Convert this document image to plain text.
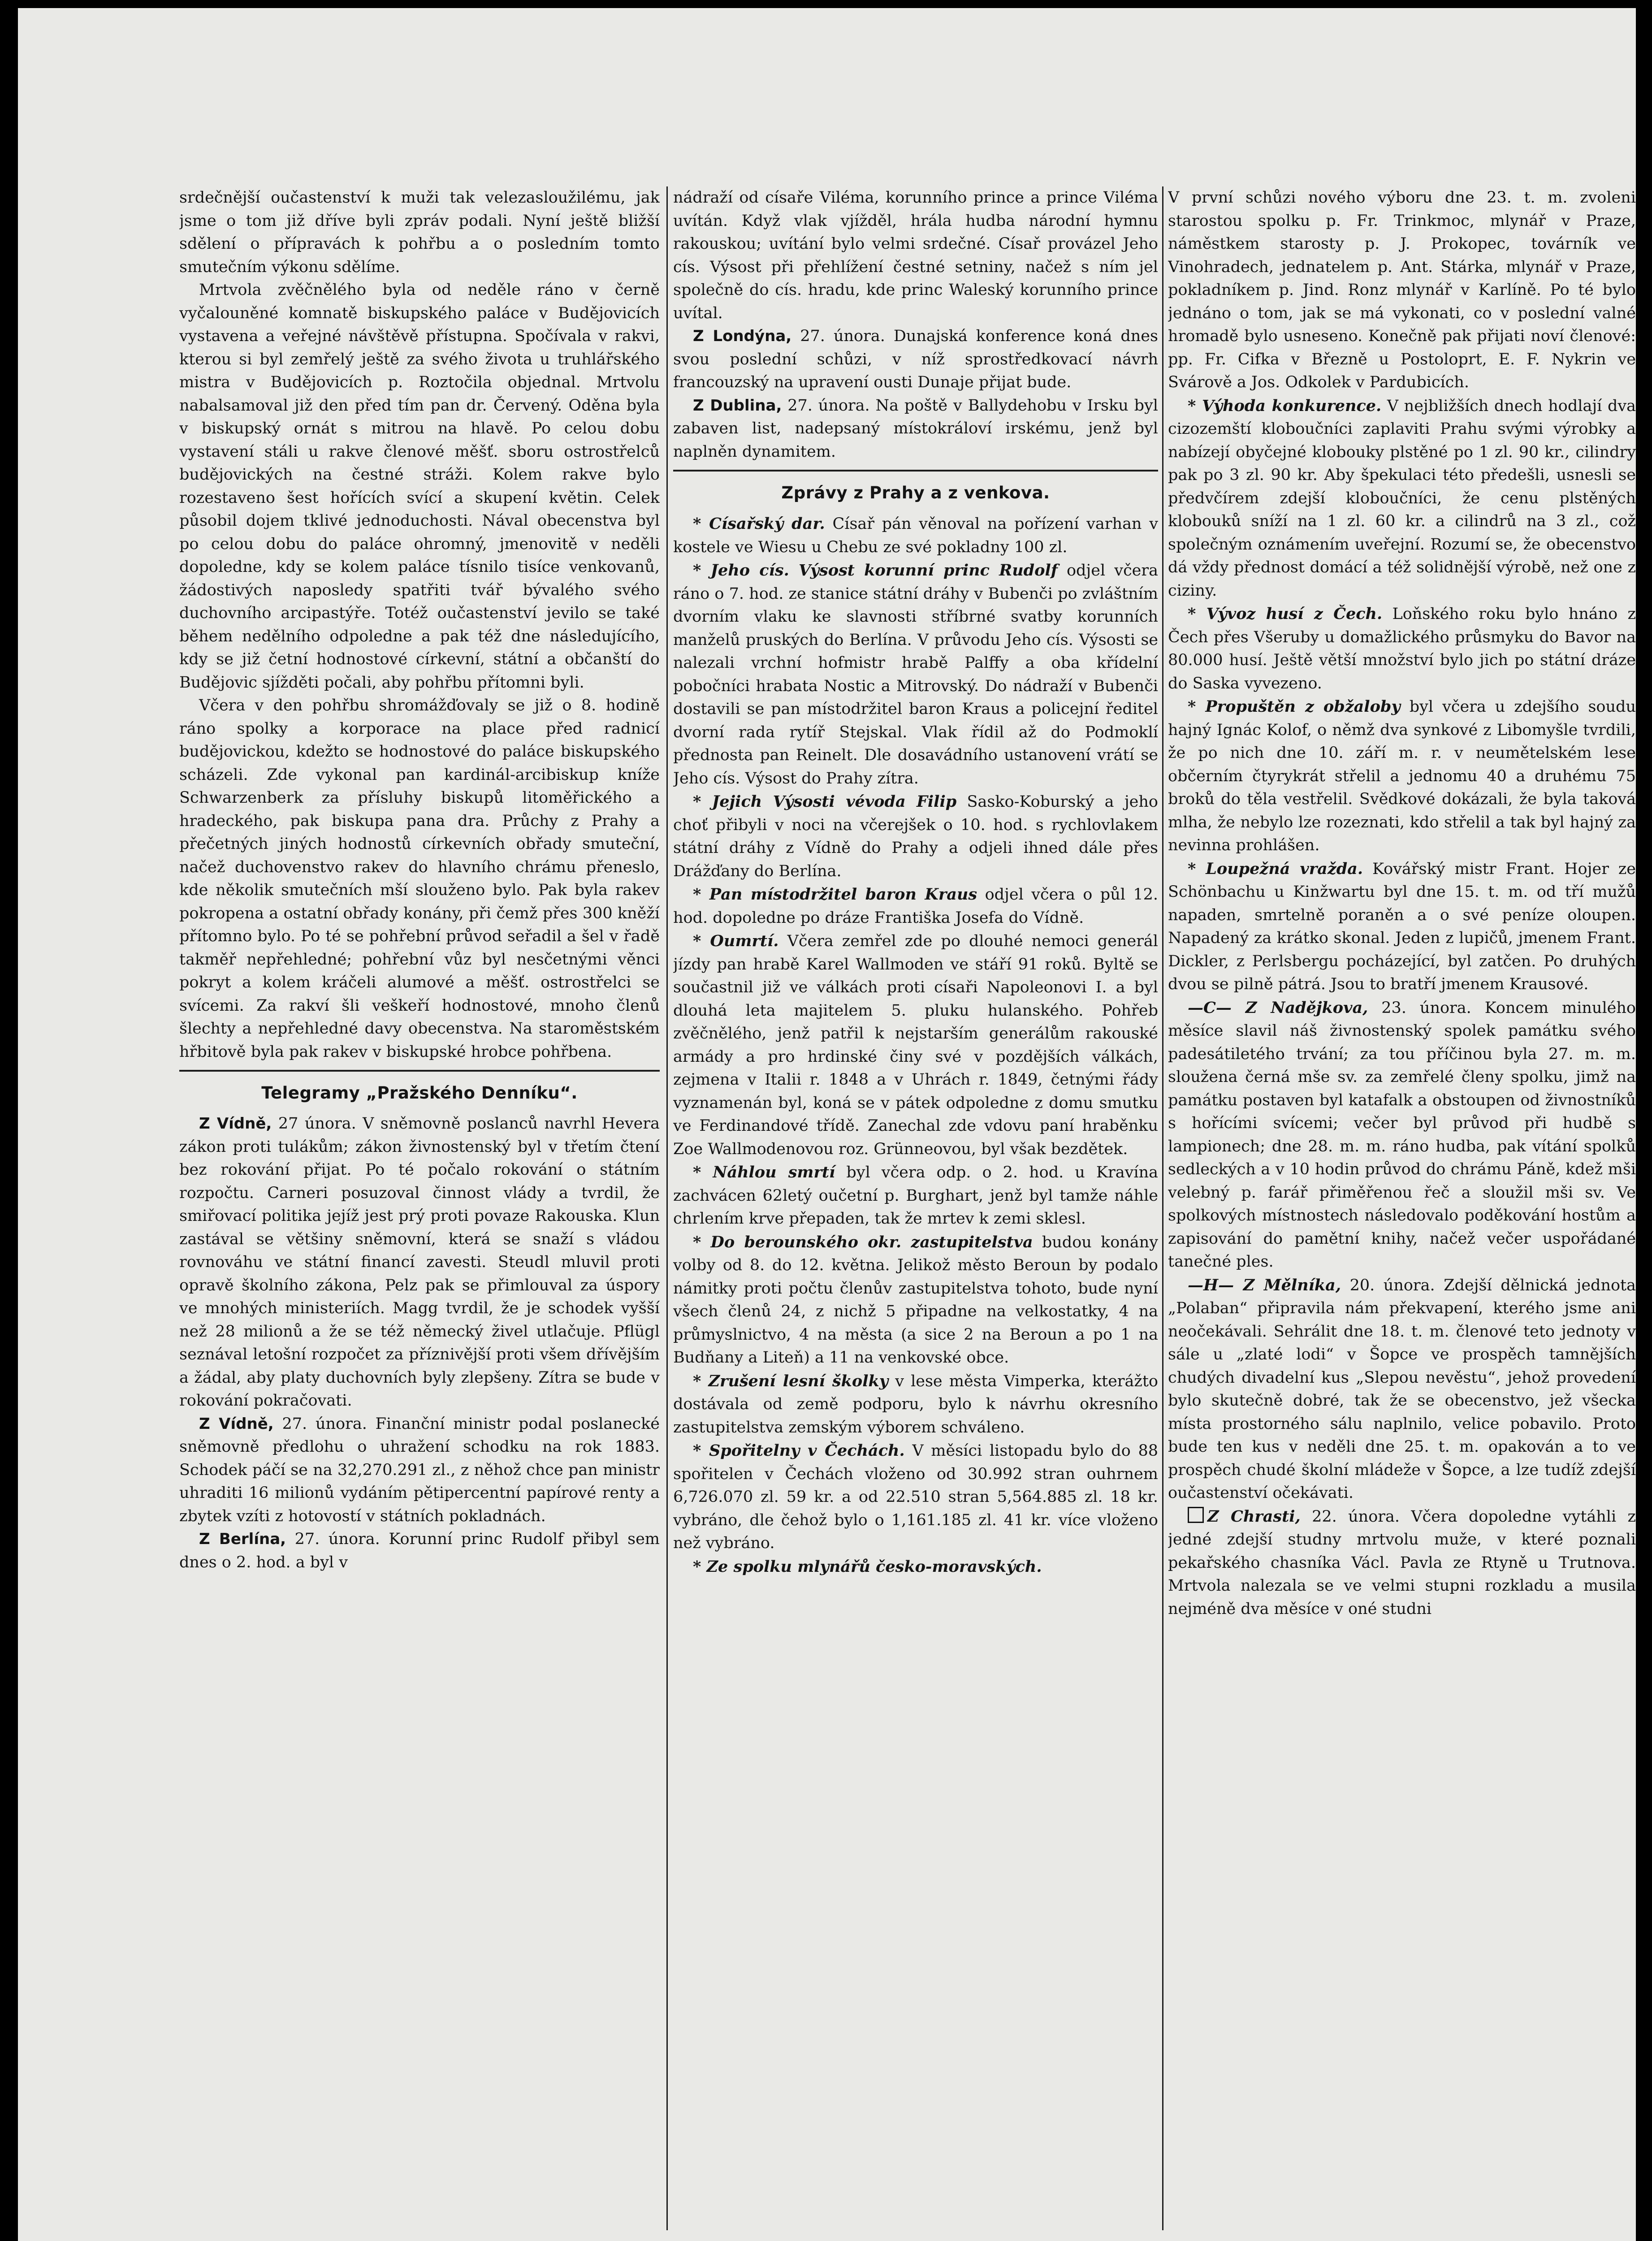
srdečnější oučastenství k muži tak velezasloužilému, jak jsme o tom již dříve byli zpráv podali. Nyní ještě bližší sdělení o přípravách k pohřbu a o posledním tomto smutečním výkonu sdělíme.

Mrtvola zvěčnělého byla od neděle ráno v černě vyčalouněné komnatě biskupského paláce v Budějovicích vystavena a veřejné návštěvě přístupna. Spočívala v rakvi, kterou si byl zemřelý ještě za svého života u truhlářského mistra v Budějovicích p. Roztočila objednal. Mrtvolu nabalsamoval již den před tím pan dr. Červený. Oděna byla v biskupský ornát s mitrou na hlavě. Po celou dobu vystavení stáli u rakve členové měšť. sboru ostrostřelců budějovických na čestné stráži. Kolem rakve bylo rozestaveno šest hořících svící a skupení květin. Celek působil dojem tklivé jednoduchosti. Nával obecenstva byl po celou dobu do paláce ohromný, jmenovitě v neděli dopoledne, kdy se kolem paláce tísnilo tisíce venkovanů, žádostivých naposledy spatřiti tvář bývalého svého duchovního arcipastýře. Totéž oučastenství jevilo se také během nedělního odpoledne a pak též dne následujícího, kdy se již četní hodnostové církevní, státní a občanští do Budějovic sjížděti počali, aby pohřbu přítomni byli.

Včera v den pohřbu shromážďovaly se již o 8. hodině ráno spolky a korporace na place před radnicí budějovickou, kdežto se hodnostové do paláce biskupského scházeli. Zde vykonal pan kardinál-arcibiskup kníže Schwarzenberk za přísluhy biskupů litoměřického a hradeckého, pak biskupa pana dra. Průchy z Prahy a přečetných jiných hodnostů církevních obřady smuteční, načež duchovenstvo rakev do hlavního chrámu přeneslo, kde několik smutečních mší slouženo bylo. Pak byla rakev pokropena a ostatní obřady konány, při čemž přes 300 kněží přítomno bylo. Po té se pohřební průvod seřadil a šel v řadě takměř nepřehledné; pohřební vůz byl nesčetnými věnci pokryt a kolem kráčeli alumové a měšť. ostrostřelci se svícemi. Za rakví šli veškeří hodnostové, mnoho členů šlechty a nepřehledné davy obecenstva. Na staroměstském hřbitově byla pak rakev v biskupské hrobce pohřbena.

Telegramy „Pražského Denníku“.

Z Vídně, 27 února. V sněmovně poslanců navrhl Hevera zákon proti tulákům; zákon živnostenský byl v třetím čtení bez rokování přijat. Po té počalo rokování o státním rozpočtu. Carneri posuzoval činnost vlády a tvrdil, že smiřovací politika jejíž jest prý proti povaze Rakouska. Klun zastával se většiny sněmovní, která se snaží s vládou rovnováhu ve státní financí zavesti. Steudl mluvil proti opravě školního zákona, Pelz pak se přimlouval za úspory ve mnohých ministeriích. Magg tvrdil, že je schodek vyšší než 28 milionů a že se též německý živel utlačuje. Pflügl seznával letošní rozpočet za příznivější proti všem dřívějším a žádal, aby platy duchovních byly zlepšeny. Zítra se bude v rokování pokračovati.

Z Vídně, 27. února. Finanční ministr podal poslanecké sněmovně předlohu o uhražení schodku na rok 1883. Schodek páčí se na 32,270.291 zl., z něhož chce pan ministr uhraditi 16 milionů vydáním pětipercentní papírové renty a zbytek vzíti z hotovostí v státních pokladnách.

Z Berlína, 27. února. Korunní princ Rudolf přibyl sem dnes o 2. hod. a byl v

nádraží od císaře Viléma, korunního prince a prince Viléma uvítán. Když vlak vjížděl, hrála hudba národní hymnu rakouskou; uvítání bylo velmi srdečné. Císař provázel Jeho cís. Výsost při přehlížení čestné setniny, načež s ním jel společně do cís. hradu, kde princ Waleský korunního prince uvítal.

Z Londýna, 27. února. Dunajská konference koná dnes svou poslední schůzi, v níž sprostředkovací návrh francouzský na upravení ousti Dunaje přijat bude.

Z Dublina, 27. února. Na poště v Ballydehobu v Irsku byl zabaven list, nadepsaný místokráloví irskému, jenž byl naplněn dynamitem.

Zprávy z Prahy a z venkova.

* Císařský dar. Císař pán věnoval na pořízení varhan v kostele ve Wiesu u Chebu ze své pokladny 100 zl.

* Jeho cís. Výsost korunní princ Rudolf odjel včera ráno o 7. hod. ze stanice státní dráhy v Bubenči po zvláštním dvorním vlaku ke slavnosti stříbrné svatby korunních manželů pruských do Berlína. V průvodu Jeho cís. Výsosti se nalezali vrchní hofmistr hrabě Palffy a oba křídelní pobočníci hrabata Nostic a Mitrovský. Do nádraží v Bubenči dostavili se pan místodržitel baron Kraus a policejní ředitel dvorní rada rytíř Stejskal. Vlak řídil až do Podmoklí přednosta pan Reinelt. Dle dosavádního ustanovení vrátí se Jeho cís. Výsost do Prahy zítra.

* Jejich Výsosti vévoda Filip Sasko-Koburský a jeho choť přibyli v noci na včerejšek o 10. hod. s rychlovlakem státní dráhy z Vídně do Prahy a odjeli ihned dále přes Drážďany do Berlína.

* Pan místodržitel baron Kraus odjel včera o půl 12. hod. dopoledne po dráze Františka Josefa do Vídně.

* Oumrtí. Včera zemřel zde po dlouhé nemoci generál jízdy pan hrabě Karel Wallmoden ve stáří 91 roků. Byltě se součastnil již ve válkách proti císaři Napoleonovi I. a byl dlouhá leta majitelem 5. pluku hulanského. Pohřeb zvěčnělého, jenž patřil k nejstarším generálům rakouské armády a pro hrdinské činy své v pozdějších válkách, zejmena v Italii r. 1848 a v Uhrách r. 1849, četnými řády vyznamenán byl, koná se v pátek odpoledne z domu smutku ve Ferdinandové třídě. Zanechal zde vdovu paní hraběnku Zoe Wallmodenovou roz. Grünneovou, byl však bezdětek.

* Náhlou smrtí byl včera odp. o 2. hod. u Kravína zachvácen 62letý oučetní p. Burghart, jenž byl tamže náhle chrlením krve přepaden, tak že mrtev k zemi sklesl.

* Do berounského okr. zastupitelstva budou konány volby od 8. do 12. května. Jelikož město Beroun by podalo námitky proti počtu členův zastupitelstva tohoto, bude nyní všech členů 24, z nichž 5 připadne na velkostatky, 4 na průmyslnictvo, 4 na města (a sice 2 na Beroun a po 1 na Budňany a Liteň) a 11 na venkovské obce.

* Zrušení lesní školky v lese města Vimperka, kterážto dostávala od země podporu, bylo k návrhu okresního zastupitelstva zemským výborem schváleno.

* Spořitelny v Čechách. V měsíci listopadu bylo do 88 spořitelen v Čechách vloženo od 30.992 stran ouhrnem 6,726.070 zl. 59 kr. a od 22.510 stran 5,564.885 zl. 18 kr. vybráno, dle čehož bylo o 1,161.185 zl. 41 kr. více vloženo než vybráno.

* Ze spolku mlynářů česko-moravských.

V první schůzi nového výboru dne 23. t. m. zvoleni starostou spolku p. Fr. Trinkmoc, mlynář v Praze, náměstkem starosty p. J. Prokopec, továrník ve Vinohradech, jednatelem p. Ant. Stárka, mlynář v Praze, pokladníkem p. Jind. Ronz mlynář v Karlíně. Po té bylo jednáno o tom, jak se má vykonati, co v poslední valné hromadě bylo usneseno. Konečně pak přijati noví členové: pp. Fr. Cifka v Březně u Postoloprt, E. F. Nykrin ve Svárově a Jos. Odkolek v Pardubicích.

* Výhoda konkurence. V nejbližších dnech hodlají dva cizozemští kloboučníci zaplaviti Prahu svými výrobky a nabízejí obyčejné klobouky plstěné po 1 zl. 90 kr., cilindry pak po 3 zl. 90 kr. Aby špekulaci této předešli, usnesli se předvčírem zdejší kloboučníci, že cenu plstěných klobouků sníží na 1 zl. 60 kr. a cilindrů na 3 zl., což společným oznámením uveřejní. Rozumí se, že obecenstvo dá vždy přednost domácí a též solidnější výrobě, než one z ciziny.

* Vývoz husí z Čech. Loňského roku bylo hnáno z Čech přes Všeruby u domažlického průsmyku do Bavor na 80.000 husí. Ještě větší množství bylo jich po státní dráze do Saska vyvezeno.

* Propuštěn z obžaloby byl včera u zdejšího soudu hajný Ignác Kolof, o němž dva synkové z Libomyšle tvrdili, že po nich dne 10. září m. r. v neumětelském lese občerním čtyrykrát střelil a jednomu 40 a druhému 75 broků do těla vestřelil. Svědkové dokázali, že byla taková mlha, že nebylo lze rozeznati, kdo střelil a tak byl hajný za nevinna prohlášen.

* Loupežná vražda. Kovářský mistr Frant. Hojer ze Schönbachu u Kinžwartu byl dne 15. t. m. od tří mužů napaden, smrtelně poraněn a o své peníze oloupen. Napadený za krátko skonal. Jeden z lupičů, jmenem Frant. Dickler, z Perlsbergu pocházející, byl zatčen. Po druhých dvou se pilně pátrá. Jsou to bratří jmenem Krausové.

—C— Z Nadějkova, 23. února. Koncem minulého měsíce slavil náš živnostenský spolek památku svého padesátiletého trvání; za tou příčinou byla 27. m. m. sloužena černá mše sv. za zemřelé členy spolku, jimž na památku postaven byl katafalk a obstoupen od živnostníků s hořícími svícemi; večer byl průvod při hudbě s lampionech; dne 28. m. m. ráno hudba, pak vítání spolků sedleckých a v 10 hodin průvod do chrámu Páně, kdež mši velebný p. farář přiměřenou řeč a sloužil mši sv. Ve spolkových místnostech následovalo poděkování hostům a zapisování do pamětní knihy, načež večer uspořádané tanečné ples.

—H— Z Mělníka, 20. února. Zdejší dělnická jednota „Polaban“ připravila nám překvapení, kterého jsme ani neočekávali. Sehrálit dne 18. t. m. členové teto jednoty v sále u „zlaté lodi“ v Šopce ve prospěch tamnějších chudých divadelní kus „Slepou nevěstu“, jehož provedení bylo skutečně dobré, tak že se obecenstvo, jež všecka místa prostorného sálu naplnilo, velice pobavilo. Proto bude ten kus v neděli dne 25. t. m. opakován a to ve prospěch chudé školní mládeže v Šopce, a lze tudíž zdejší oučastenství očekávati.

Z Chrasti, 22. února. Včera dopoledne vytáhli z jedné zdejší studny mrtvolu muže, v které poznali pekařského chasníka Václ. Pavla ze Rtyně u Trutnova. Mrtvola nalezala se ve velmi stupni rozkladu a musila nejméně dva měsíce v oné studni
